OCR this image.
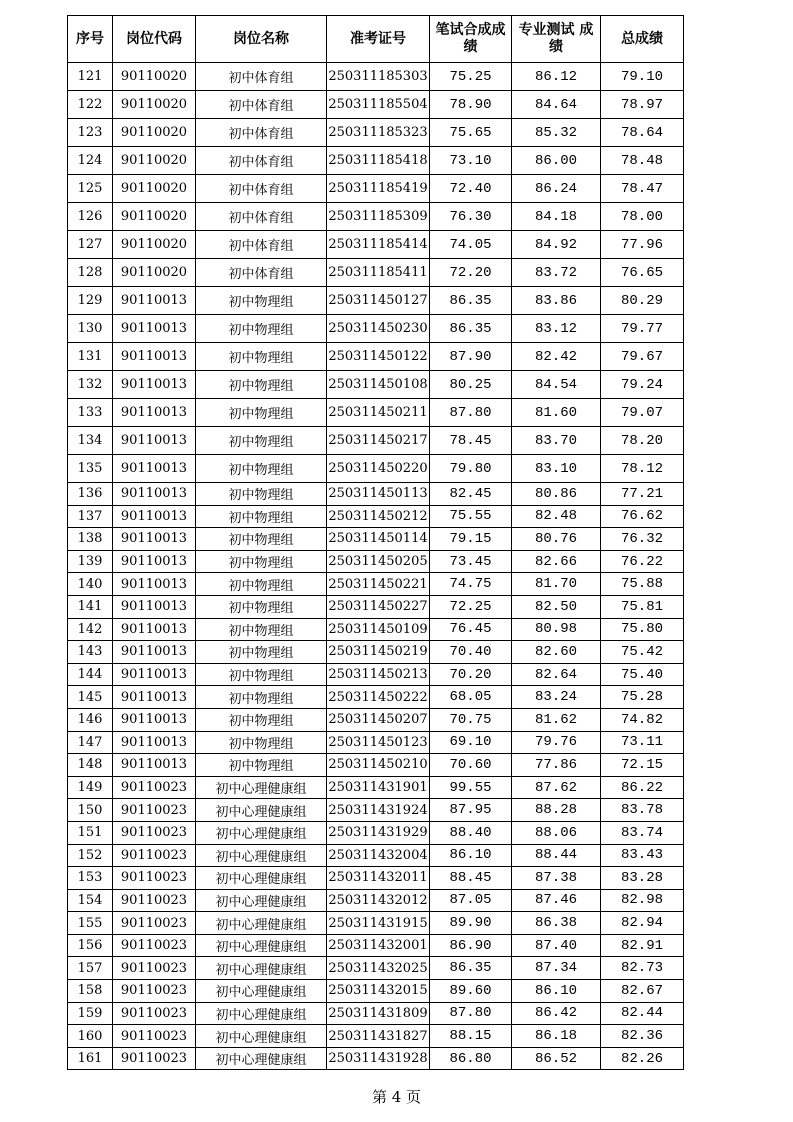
序号	岗位代码	岗位名称	准考证号	笔试合成成绩	专业测试 成绩	总成绩
121	90110020	初中体育组	250311185303	75.25	86.12	79.10
122	90110020	初中体育组	250311185504	78.90	84.64	78.97
123	90110020	初中体育组	250311185323	75.65	85.32	78.64
124	90110020	初中体育组	250311185418	73.10	86.00	78.48
125	90110020	初中体育组	250311185419	72.40	86.24	78.47
126	90110020	初中体育组	250311185309	76.30	84.18	78.00
127	90110020	初中体育组	250311185414	74.05	84.92	77.96
128	90110020	初中体育组	250311185411	72.20	83.72	76.65
129	90110013	初中物理组	250311450127	86.35	83.86	80.29
130	90110013	初中物理组	250311450230	86.35	83.12	79.77
131	90110013	初中物理组	250311450122	87.90	82.42	79.67
132	90110013	初中物理组	250311450108	80.25	84.54	79.24
133	90110013	初中物理组	250311450211	87.80	81.60	79.07
134	90110013	初中物理组	250311450217	78.45	83.70	78.20
135	90110013	初中物理组	250311450220	79.80	83.10	78.12
136	90110013	初中物理组	250311450113	82.45	80.86	77.21
137	90110013	初中物理组	250311450212	75.55	82.48	76.62
138	90110013	初中物理组	250311450114	79.15	80.76	76.32
139	90110013	初中物理组	250311450205	73.45	82.66	76.22
140	90110013	初中物理组	250311450221	74.75	81.70	75.88
141	90110013	初中物理组	250311450227	72.25	82.50	75.81
142	90110013	初中物理组	250311450109	76.45	80.98	75.80
143	90110013	初中物理组	250311450219	70.40	82.60	75.42
144	90110013	初中物理组	250311450213	70.20	82.64	75.40
145	90110013	初中物理组	250311450222	68.05	83.24	75.28
146	90110013	初中物理组	250311450207	70.75	81.62	74.82
147	90110013	初中物理组	250311450123	69.10	79.76	73.11
148	90110013	初中物理组	250311450210	70.60	77.86	72.15
149	90110023	初中心理健康组	250311431901	99.55	87.62	86.22
150	90110023	初中心理健康组	250311431924	87.95	88.28	83.78
151	90110023	初中心理健康组	250311431929	88.40	88.06	83.74
152	90110023	初中心理健康组	250311432004	86.10	88.44	83.43
153	90110023	初中心理健康组	250311432011	88.45	87.38	83.28
154	90110023	初中心理健康组	250311432012	87.05	87.46	82.98
155	90110023	初中心理健康组	250311431915	89.90	86.38	82.94
156	90110023	初中心理健康组	250311432001	86.90	87.40	82.91
157	90110023	初中心理健康组	250311432025	86.35	87.34	82.73
158	90110023	初中心理健康组	250311432015	89.60	86.10	82.67
159	90110023	初中心理健康组	250311431809	87.80	86.42	82.44
160	90110023	初中心理健康组	250311431827	88.15	86.18	82.36
161	90110023	初中心理健康组	250311431928	86.80	86.52	82.26
第 4 页
